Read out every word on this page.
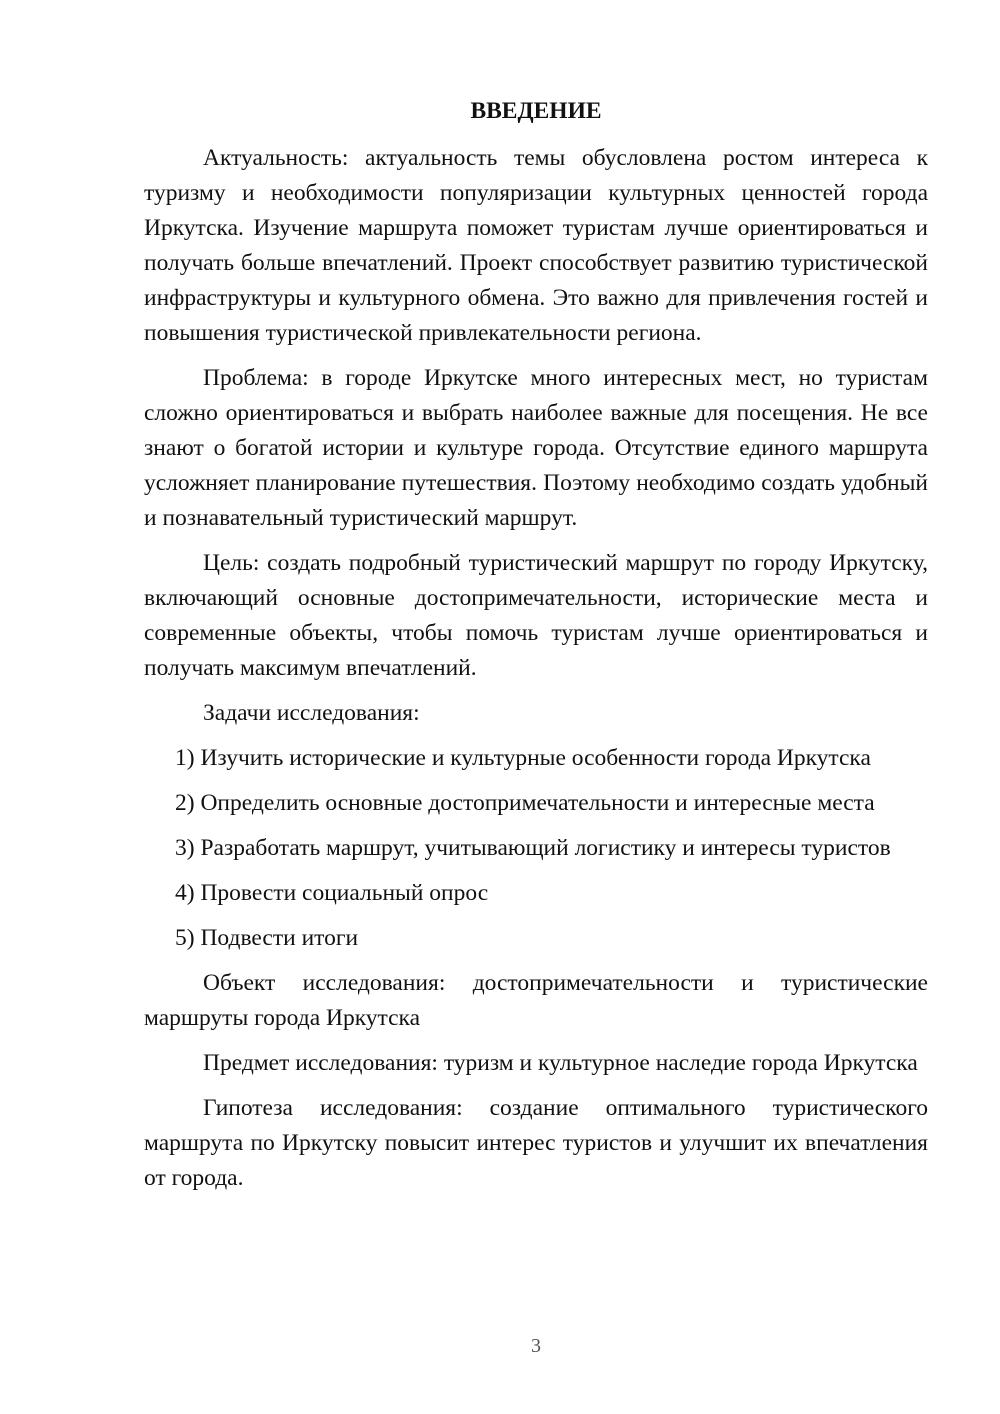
ВВЕДЕНИЕ

Актуальность: актуальность темы обусловлена ростом интереса к туризму и необходимости популяризации культурных ценностей города Иркутска. Изучение маршрута поможет туристам лучше ориентироваться и получать больше впечатлений. Проект способствует развитию туристической инфраструктуры и культурного обмена. Это важно для привлечения гостей и повышения туристической привлекательности региона.

Проблема: в городе Иркутске много интересных мест, но туристам сложно ориентироваться и выбрать наиболее важные для посещения. Не все знают о богатой истории и культуре города. Отсутствие единого маршрута усложняет планирование путешествия. Поэтому необходимо создать удобный и познавательный туристический маршрут.

Цель: создать подробный туристический маршрут по городу Иркутску, включающий основные достопримечательности, исторические места и современные объекты, чтобы помочь туристам лучше ориентироваться и получать максимум впечатлений.

Задачи исследования:

1) Изучить исторические и культурные особенности города Иркутска

2) Определить основные достопримечательности и интересные места

3) Разработать маршрут, учитывающий логистику и интересы туристов

4) Провести социальный опрос

5) Подвести итоги

Объект исследования: достопримечательности и туристические маршруты города Иркутска

Предмет исследования: туризм и культурное наследие города Иркутска

Гипотеза исследования: создание оптимального туристического маршрута по Иркутску повысит интерес туристов и улучшит их впечатления от города.

3
